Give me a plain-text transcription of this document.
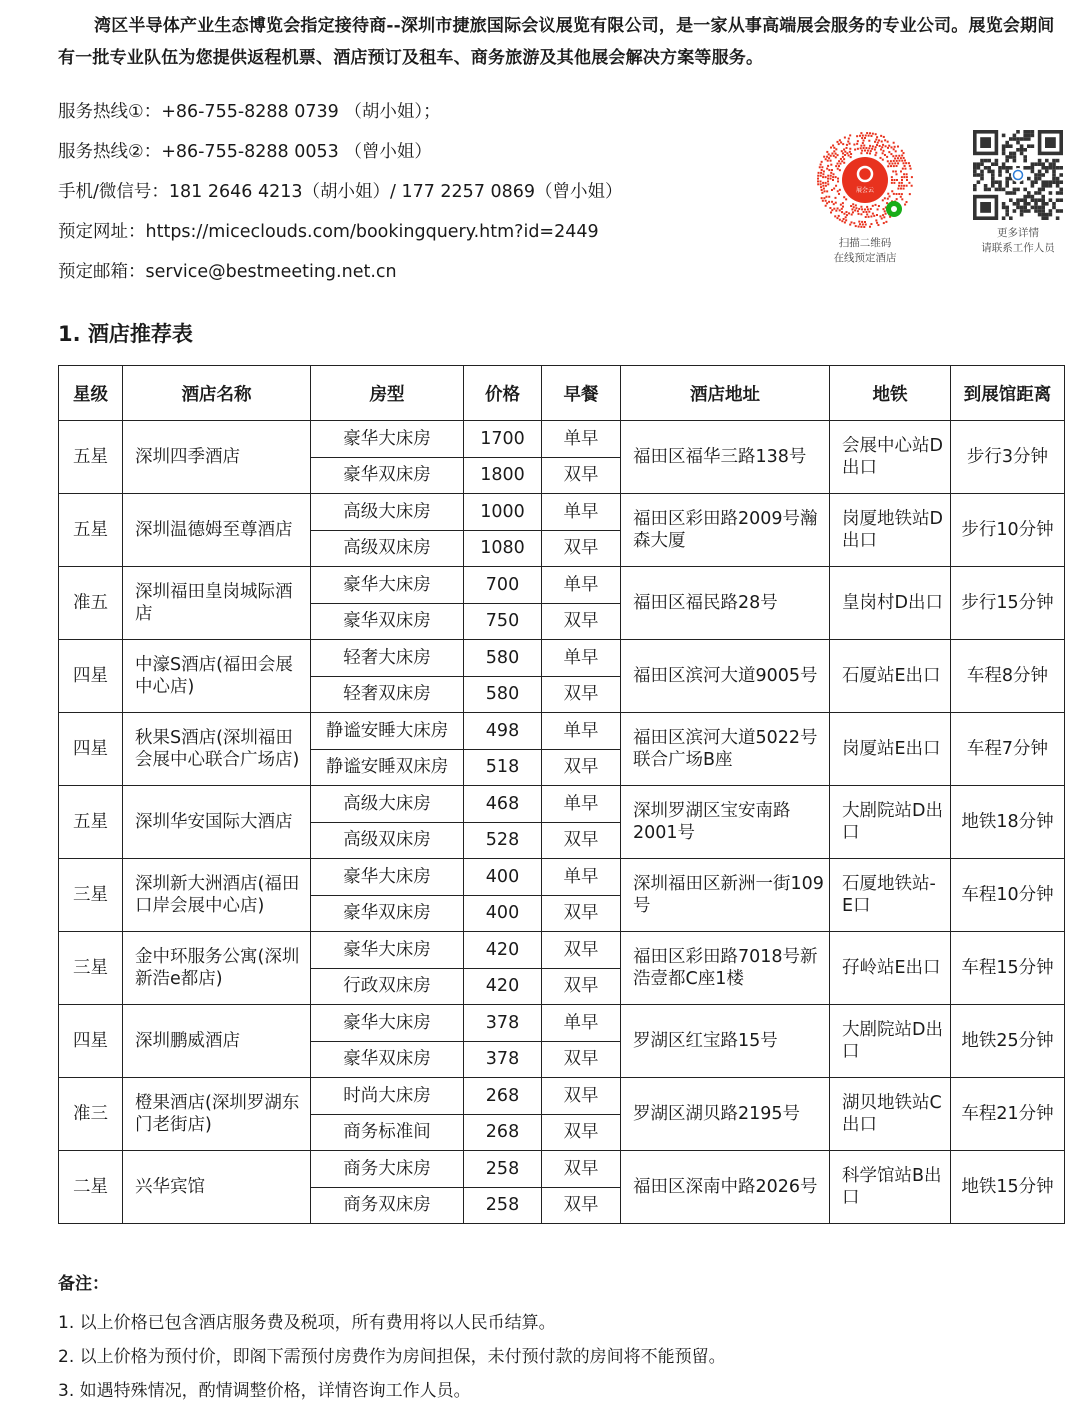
湾区半导体产业生态博览会指定接待商--深圳市捷旅国际会议展览有限公司，是一家从事高端展会服务的专业公司。展览会期间有一批专业队伍为您提供返程机票、酒店预订及租车、商务旅游及其他展会解决方案等服务。
服务热线①：+86-755-8288 0739 （胡小姐）；
服务热线②：+86-755-8288 0053 （曾小姐）
手机/微信号：181 2646 4213（胡小姐）/ 177 2257 0869（曾小姐）
预定网址：https://miceclouds.com/bookingquery.htm?id=2449
预定邮箱：service@bestmeeting.net.cn
展会云
扫描二维码
在线预定酒店
更多详情
请联系工作人员
1. 酒店推荐表
星级	酒店名称	房型	价格	早餐	酒店地址	地铁	到展馆距离
五星	深圳四季酒店	豪华大床房	1700	单早	福田区福华三路138号	会展中心站D出口	步行3分钟
		豪华双床房	1800	双早			
五星	深圳温德姆至尊酒店	高级大床房	1000	单早	福田区彩田路2009号瀚森大厦	岗厦地铁站D出口	步行10分钟
		高级双床房	1080	双早			
准五	深圳福田皇岗城际酒店	豪华大床房	700	单早	福田区福民路28号	皇岗村D出口	步行15分钟
		豪华双床房	750	双早			
四星	中濠S酒店(福田会展中心店)	轻奢大床房	580	单早	福田区滨河大道9005号	石厦站E出口	车程8分钟
		轻奢双床房	580	双早			
四星	秋果S酒店(深圳福田会展中心联合广场店)	静谧安睡大床房	498	单早	福田区滨河大道5022号联合广场B座	岗厦站E出口	车程7分钟
		静谧安睡双床房	518	双早			
五星	深圳华安国际大酒店	高级大床房	468	单早	深圳罗湖区宝安南路2001号	大剧院站D出口	地铁18分钟
		高级双床房	528	双早			
三星	深圳新大洲酒店(福田口岸会展中心店)	豪华大床房	400	单早	深圳福田区新洲一街109号	石厦地铁站-E口	车程10分钟
		豪华双床房	400	双早			
三星	金中环服务公寓(深圳新浩e都店)	豪华大床房	420	双早	福田区彩田路7018号新浩壹都C座1楼	孖岭站E出口	车程15分钟
		行政双床房	420	双早			
四星	深圳鹏威酒店	豪华大床房	378	单早	罗湖区红宝路15号	大剧院站D出口	地铁25分钟
		豪华双床房	378	双早			
准三	橙果酒店(深圳罗湖东门老街店)	时尚大床房	268	双早	罗湖区湖贝路2195号	湖贝地铁站C出口	车程21分钟
		商务标准间	268	双早			
二星	兴华宾馆	商务大床房	258	双早	福田区深南中路2026号	科学馆站B出口	地铁15分钟
		商务双床房	258	双早			
备注：
1. 以上价格已包含酒店服务费及税项，所有费用将以人民币结算。
2. 以上价格为预付价，即阁下需预付房费作为房间担保，未付预付款的房间将不能预留。
3. 如遇特殊情况，酌情调整价格，详情咨询工作人员。
